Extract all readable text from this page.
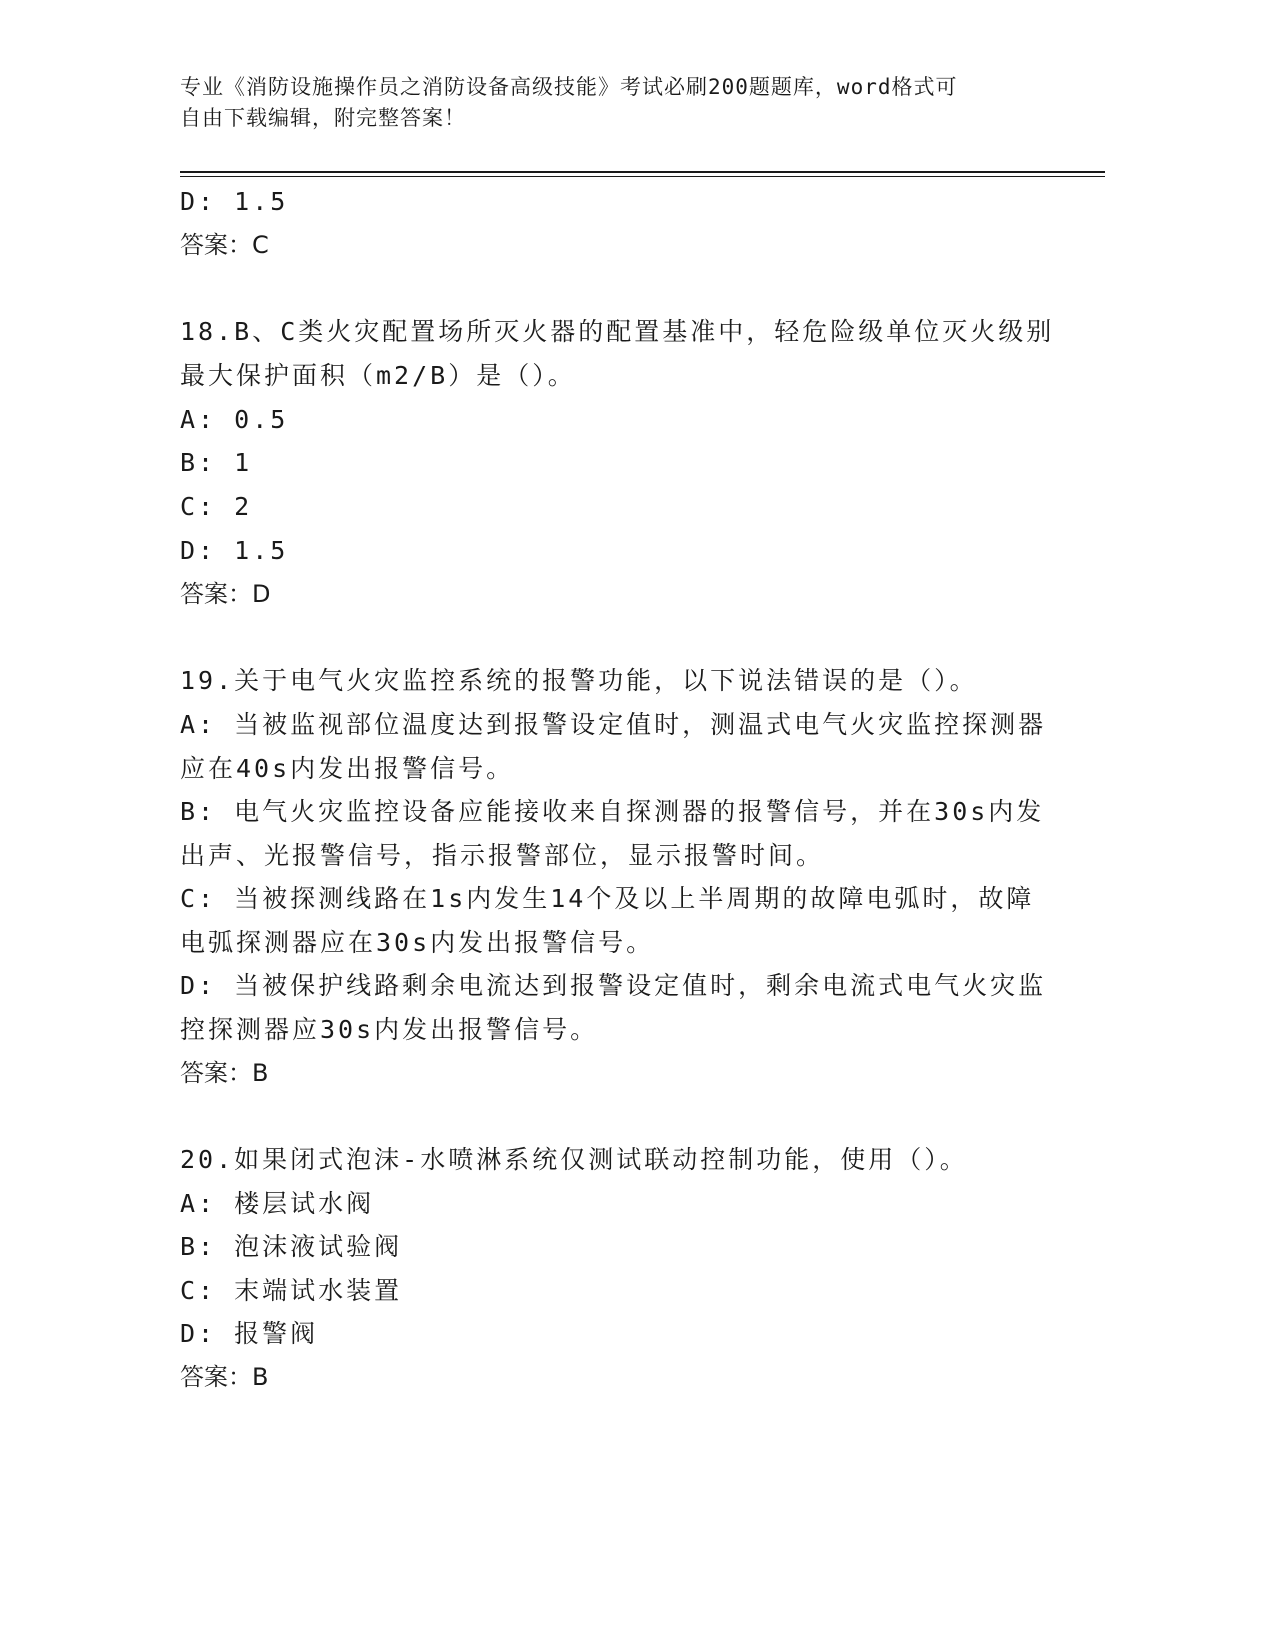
专业《消防设施操作员之消防设备高级技能》考试必刷200题题库，word格式可
自由下载编辑，附完整答案！
D: 1.5
答案：C
18.B、C类火灾配置场所灭火器的配置基准中，轻危险级单位灭火级别
最大保护面积（m2/B）是（）。
A: 0.5
B: 1
C: 2
D: 1.5
答案：D
19.关于电气火灾监控系统的报警功能，以下说法错误的是（）。
A: 当被监视部位温度达到报警设定值时，测温式电气火灾监控探测器
应在40s内发出报警信号。
B: 电气火灾监控设备应能接收来自探测器的报警信号，并在30s内发
出声、光报警信号，指示报警部位，显示报警时间。
C: 当被探测线路在1s内发生14个及以上半周期的故障电弧时，故障
电弧探测器应在30s内发出报警信号。
D: 当被保护线路剩余电流达到报警设定值时，剩余电流式电气火灾监
控探测器应30s内发出报警信号。
答案：B
20.如果闭式泡沫-水喷淋系统仅测试联动控制功能，使用（）。
A: 楼层试水阀
B: 泡沫液试验阀
C: 末端试水装置
D: 报警阀
答案：B
